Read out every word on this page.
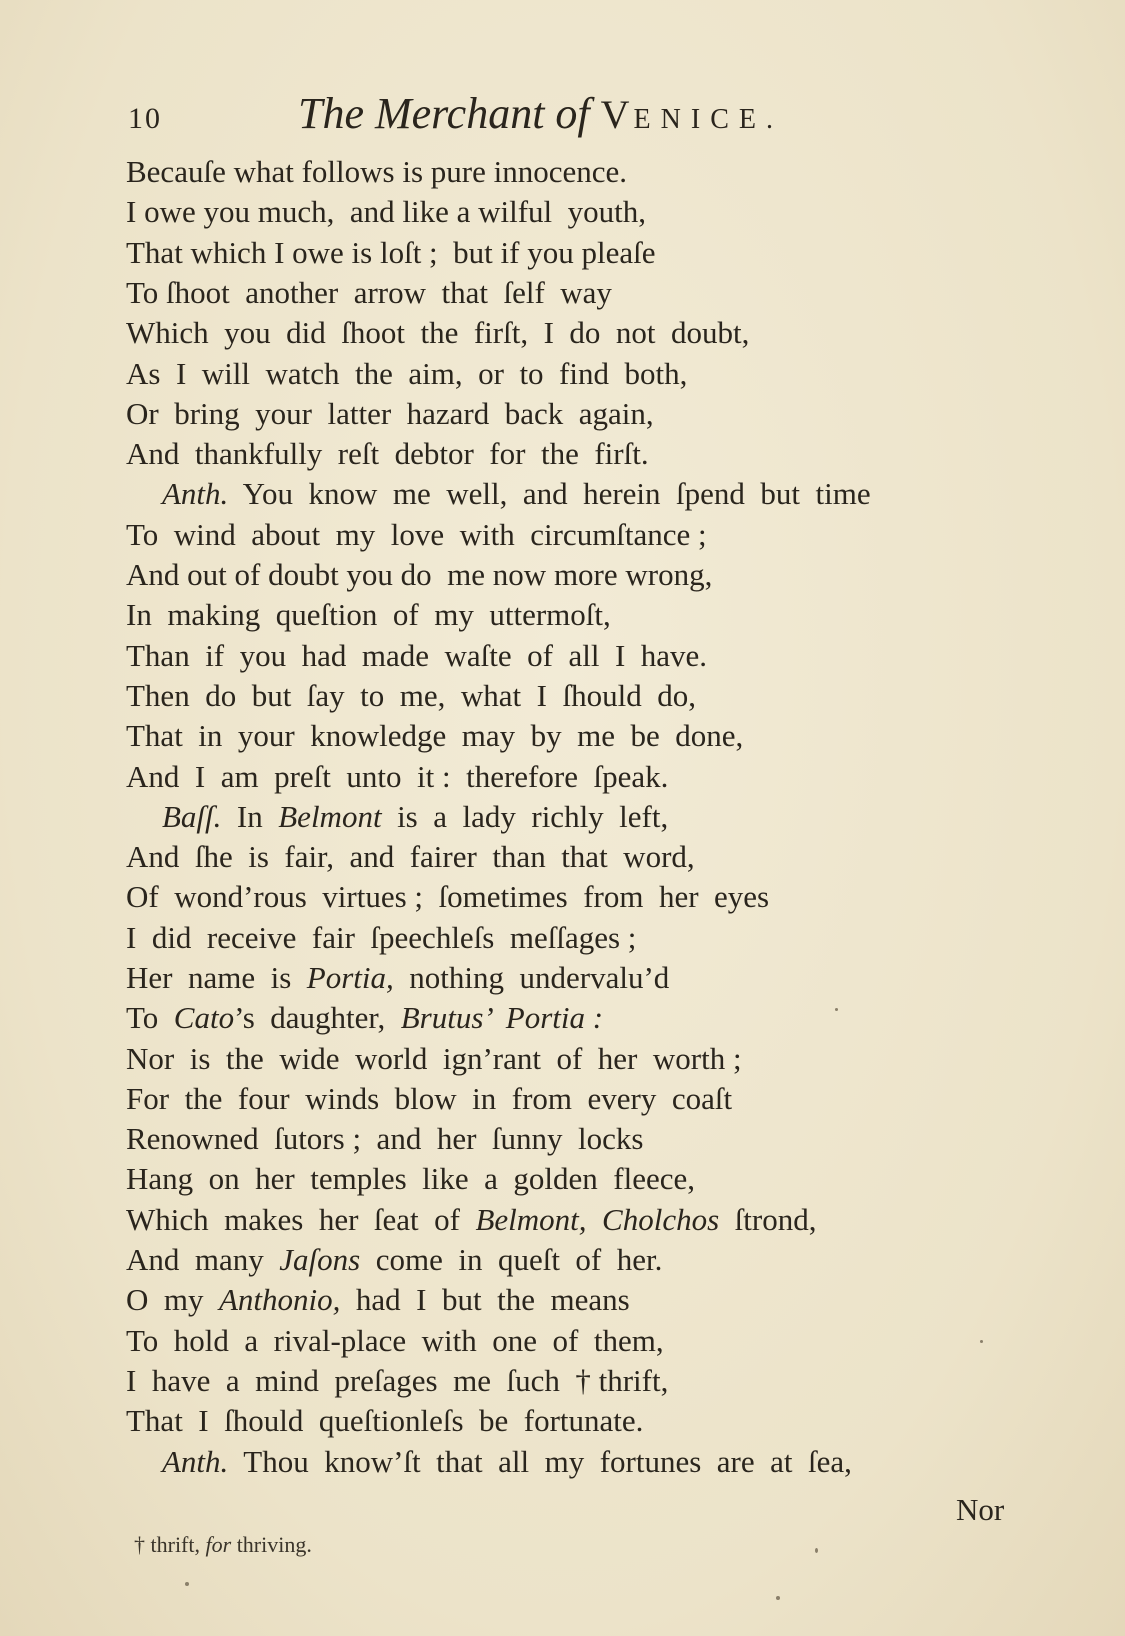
10	The Merchant of VENICE.
Becauſe what follows is pure innocence.
I owe you much,  and like a wilful  youth,
That which I owe is loſt ;  but if you pleaſe
To ſhoot  another  arrow  that  ſelf  way
Which  you  did  ſhoot  the  firſt,  I  do  not  doubt,
As  I  will  watch  the  aim,  or  to  find  both,
Or  bring  your  latter  hazard  back  again,
And  thankfully  reſt  debtor  for  the  firſt.
Anth.  You  know  me  well,  and  herein  ſpend  but  time
To  wind  about  my  love  with  circumſtance ;
And out of doubt you do  me now more wrong,
In  making  queſtion  of  my  uttermoſt,
Than  if  you  had  made  waſte  of  all  I  have.
Then  do  but  ſay  to  me,  what  I  ſhould  do,
That  in  your  knowledge  may  by  me  be  done,
And  I  am  preſt  unto  it :  therefore  ſpeak.
Baſſ.  In  Belmont  is  a  lady  richly  left,
And  ſhe  is  fair,  and  fairer  than  that  word,
Of  wond’rous  virtues ;  ſometimes  from  her  eyes
I  did  receive  fair  ſpeechleſs  meſſages ;
Her  name  is  Portia,  nothing  undervalu’d
To  Cato’s  daughter,  Brutus’  Portia :
Nor  is  the  wide  world  ign’rant  of  her  worth ;
For  the  four  winds  blow  in  from  every  coaſt
Renowned  ſutors ;  and  her  ſunny  locks
Hang  on  her  temples  like  a  golden  fleece,
Which  makes  her  ſeat  of  Belmont, Cholchos  ſtrond,
And  many  Jaſons  come  in  queſt  of  her.
O  my  Anthonio,  had  I  but  the  means
To  hold  a  rival-place  with  one  of  them,
I  have  a  mind  preſages  me  ſuch  † thrift,
That  I  ſhould  queſtionleſs  be  fortunate.
Anth.  Thou  know’ſt  that  all  my  fortunes  are  at  ſea,
Nor
† thrift, for thriving.
